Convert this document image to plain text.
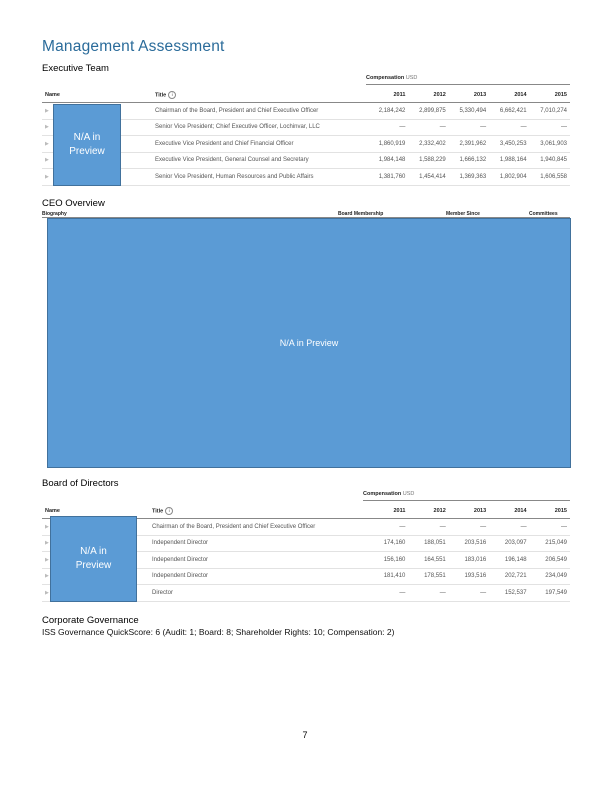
Management Assessment
Executive Team
Compensation USD
Name	Title i	2011	2012	2013	2014	2015
▶	Chairman of the Board, President and Chief Executive Officer	2,184,242	2,899,875	5,330,494	6,662,421	7,010,274
▶	Senior Vice President; Chief Executive Officer, Lochinvar, LLC	—	—	—	—	—
▶	Executive Vice President and Chief Financial Officer	1,860,919	2,332,402	2,391,962	3,450,253	3,061,903
▶	Executive Vice President, General Counsel and Secretary	1,984,148	1,588,229	1,666,132	1,988,164	1,940,845
▶	Senior Vice President, Human Resources and Public Affairs	1,381,760	1,454,414	1,369,363	1,802,904	1,606,558
N/A in Preview
CEO Overview
Biography	Board Membership	Member Since	Committees
N/A in Preview
Board of Directors
Compensation USD
Name	Title i	2011	2012	2013	2014	2015
▶	Chairman of the Board, President and Chief Executive Officer	—	—	—	—	—
▶	Independent Director	174,160	188,051	203,516	203,097	215,049
▶	Independent Director	156,160	164,551	183,016	196,148	206,549
▶	Independent Director	181,410	178,551	193,516	202,721	234,049
▶	Director	—	—	—	152,537	197,549
N/A in Preview
Corporate Governance
ISS Governance QuickScore: 6 (Audit: 1; Board: 8; Shareholder Rights: 10; Compensation: 2)
7
